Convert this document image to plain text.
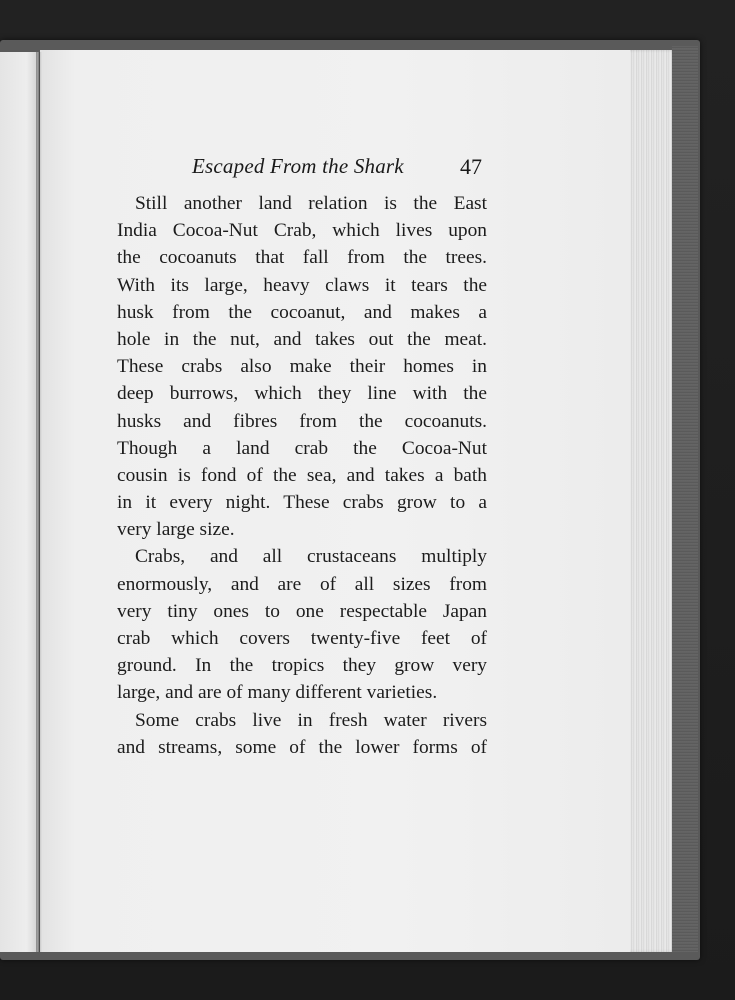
Escaped From the Shark	47
Still another land relation is the East
India Cocoa-Nut Crab, which lives upon
the cocoanuts that fall from the trees.
With its large, heavy claws it tears the
husk from the cocoanut, and makes a
hole in the nut, and takes out the meat.
These crabs also make their homes in
deep burrows, which they line with the
husks and fibres from the cocoanuts.
Though a land crab the Cocoa-Nut
cousin is fond of the sea, and takes a bath
in it every night. These crabs grow to a
very large size.
Crabs, and all crustaceans multiply
enormously, and are of all sizes from
very tiny ones to one respectable Japan
crab which covers twenty-five feet of
ground. In the tropics they grow very
large, and are of many different varieties.
Some crabs live in fresh water rivers
and streams, some of the lower forms of
